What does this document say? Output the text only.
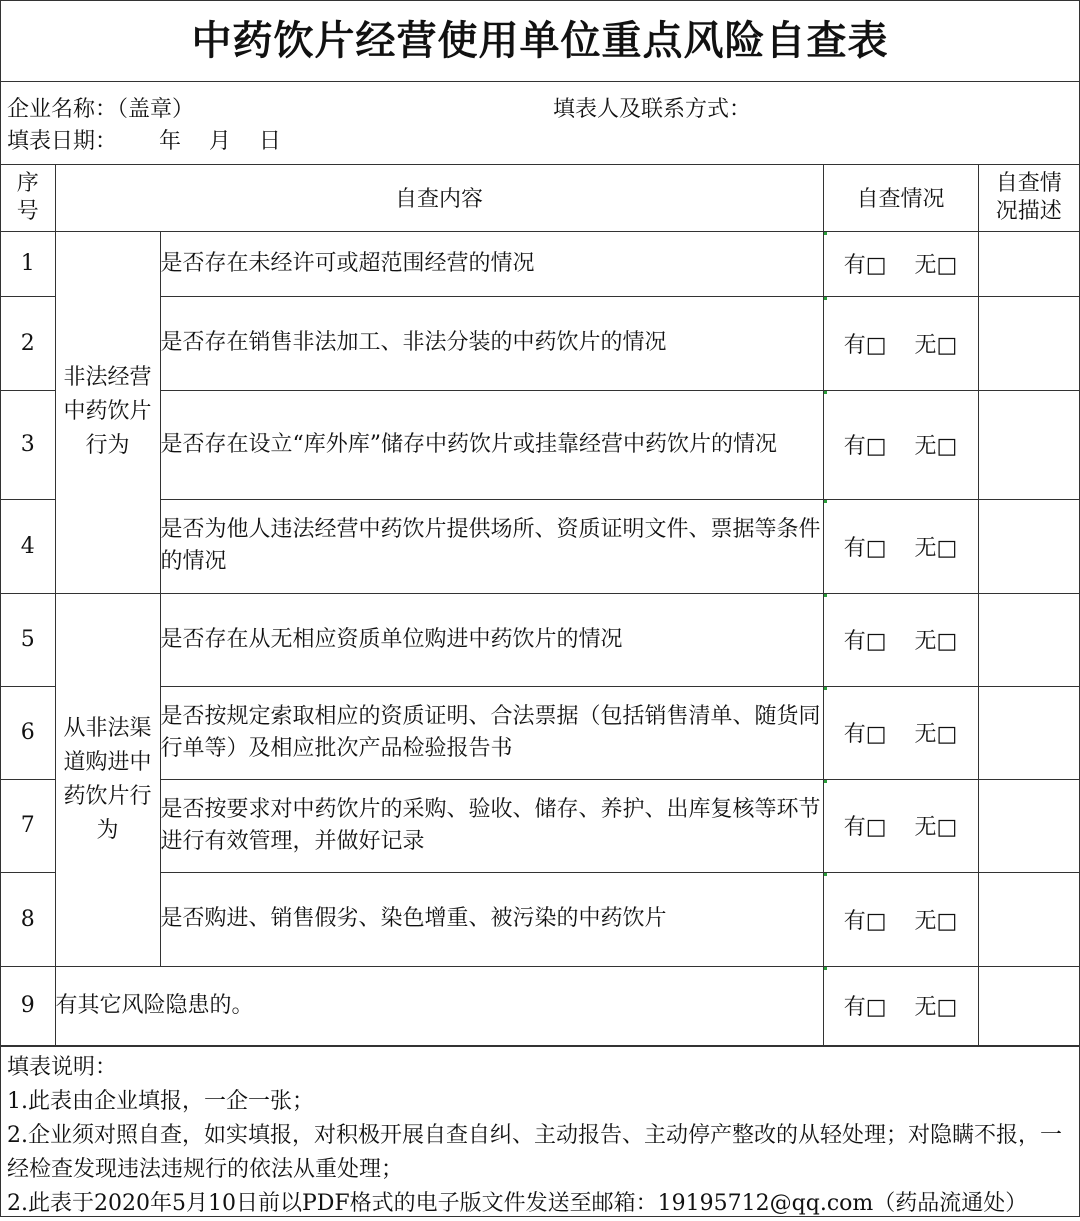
中药饮片经营使用单位重点风险自查表
企业名称：（盖章）	填表人及联系方式：
填表日期：      年    月    日
序号	自查内容		自查情况	自查情况描述
1	非法经营中药饮片行为	是否存在未经许可或超范围经营的情况	有□ 无□	
2		是否存在销售非法加工、非法分装的中药饮片的情况	有□ 无□	
3		是否存在设立“库外库”储存中药饮片或挂靠经营中药饮片的情况	有□ 无□	
4		是否为他人违法经营中药饮片提供场所、资质证明文件、票据等条件的情况	有□ 无□	
5	从非法渠道购进中药饮片行为	是否存在从无相应资质单位购进中药饮片的情况	有□ 无□	
6		是否按规定索取相应的资质证明、合法票据（包括销售清单、随货同行单等）及相应批次产品检验报告书	有□ 无□	
7		是否按要求对中药饮片的采购、验收、储存、养护、出库复核等环节进行有效管理，并做好记录	有□ 无□	
8		是否购进、销售假劣、染色增重、被污染的中药饮片	有□ 无□	
9	有其它风险隐患的。		有□ 无□	
填表说明：
1.此表由企业填报，一企一张；
2.企业须对照自查，如实填报，对积极开展自查自纠、主动报告、主动停产整改的从轻处理；对隐瞒不报，一经检查发现违法违规行的依法从重处理；
2.此表于2020年5月10日前以PDF格式的电子版文件发送至邮箱：19195712@qq.com（药品流通处）
